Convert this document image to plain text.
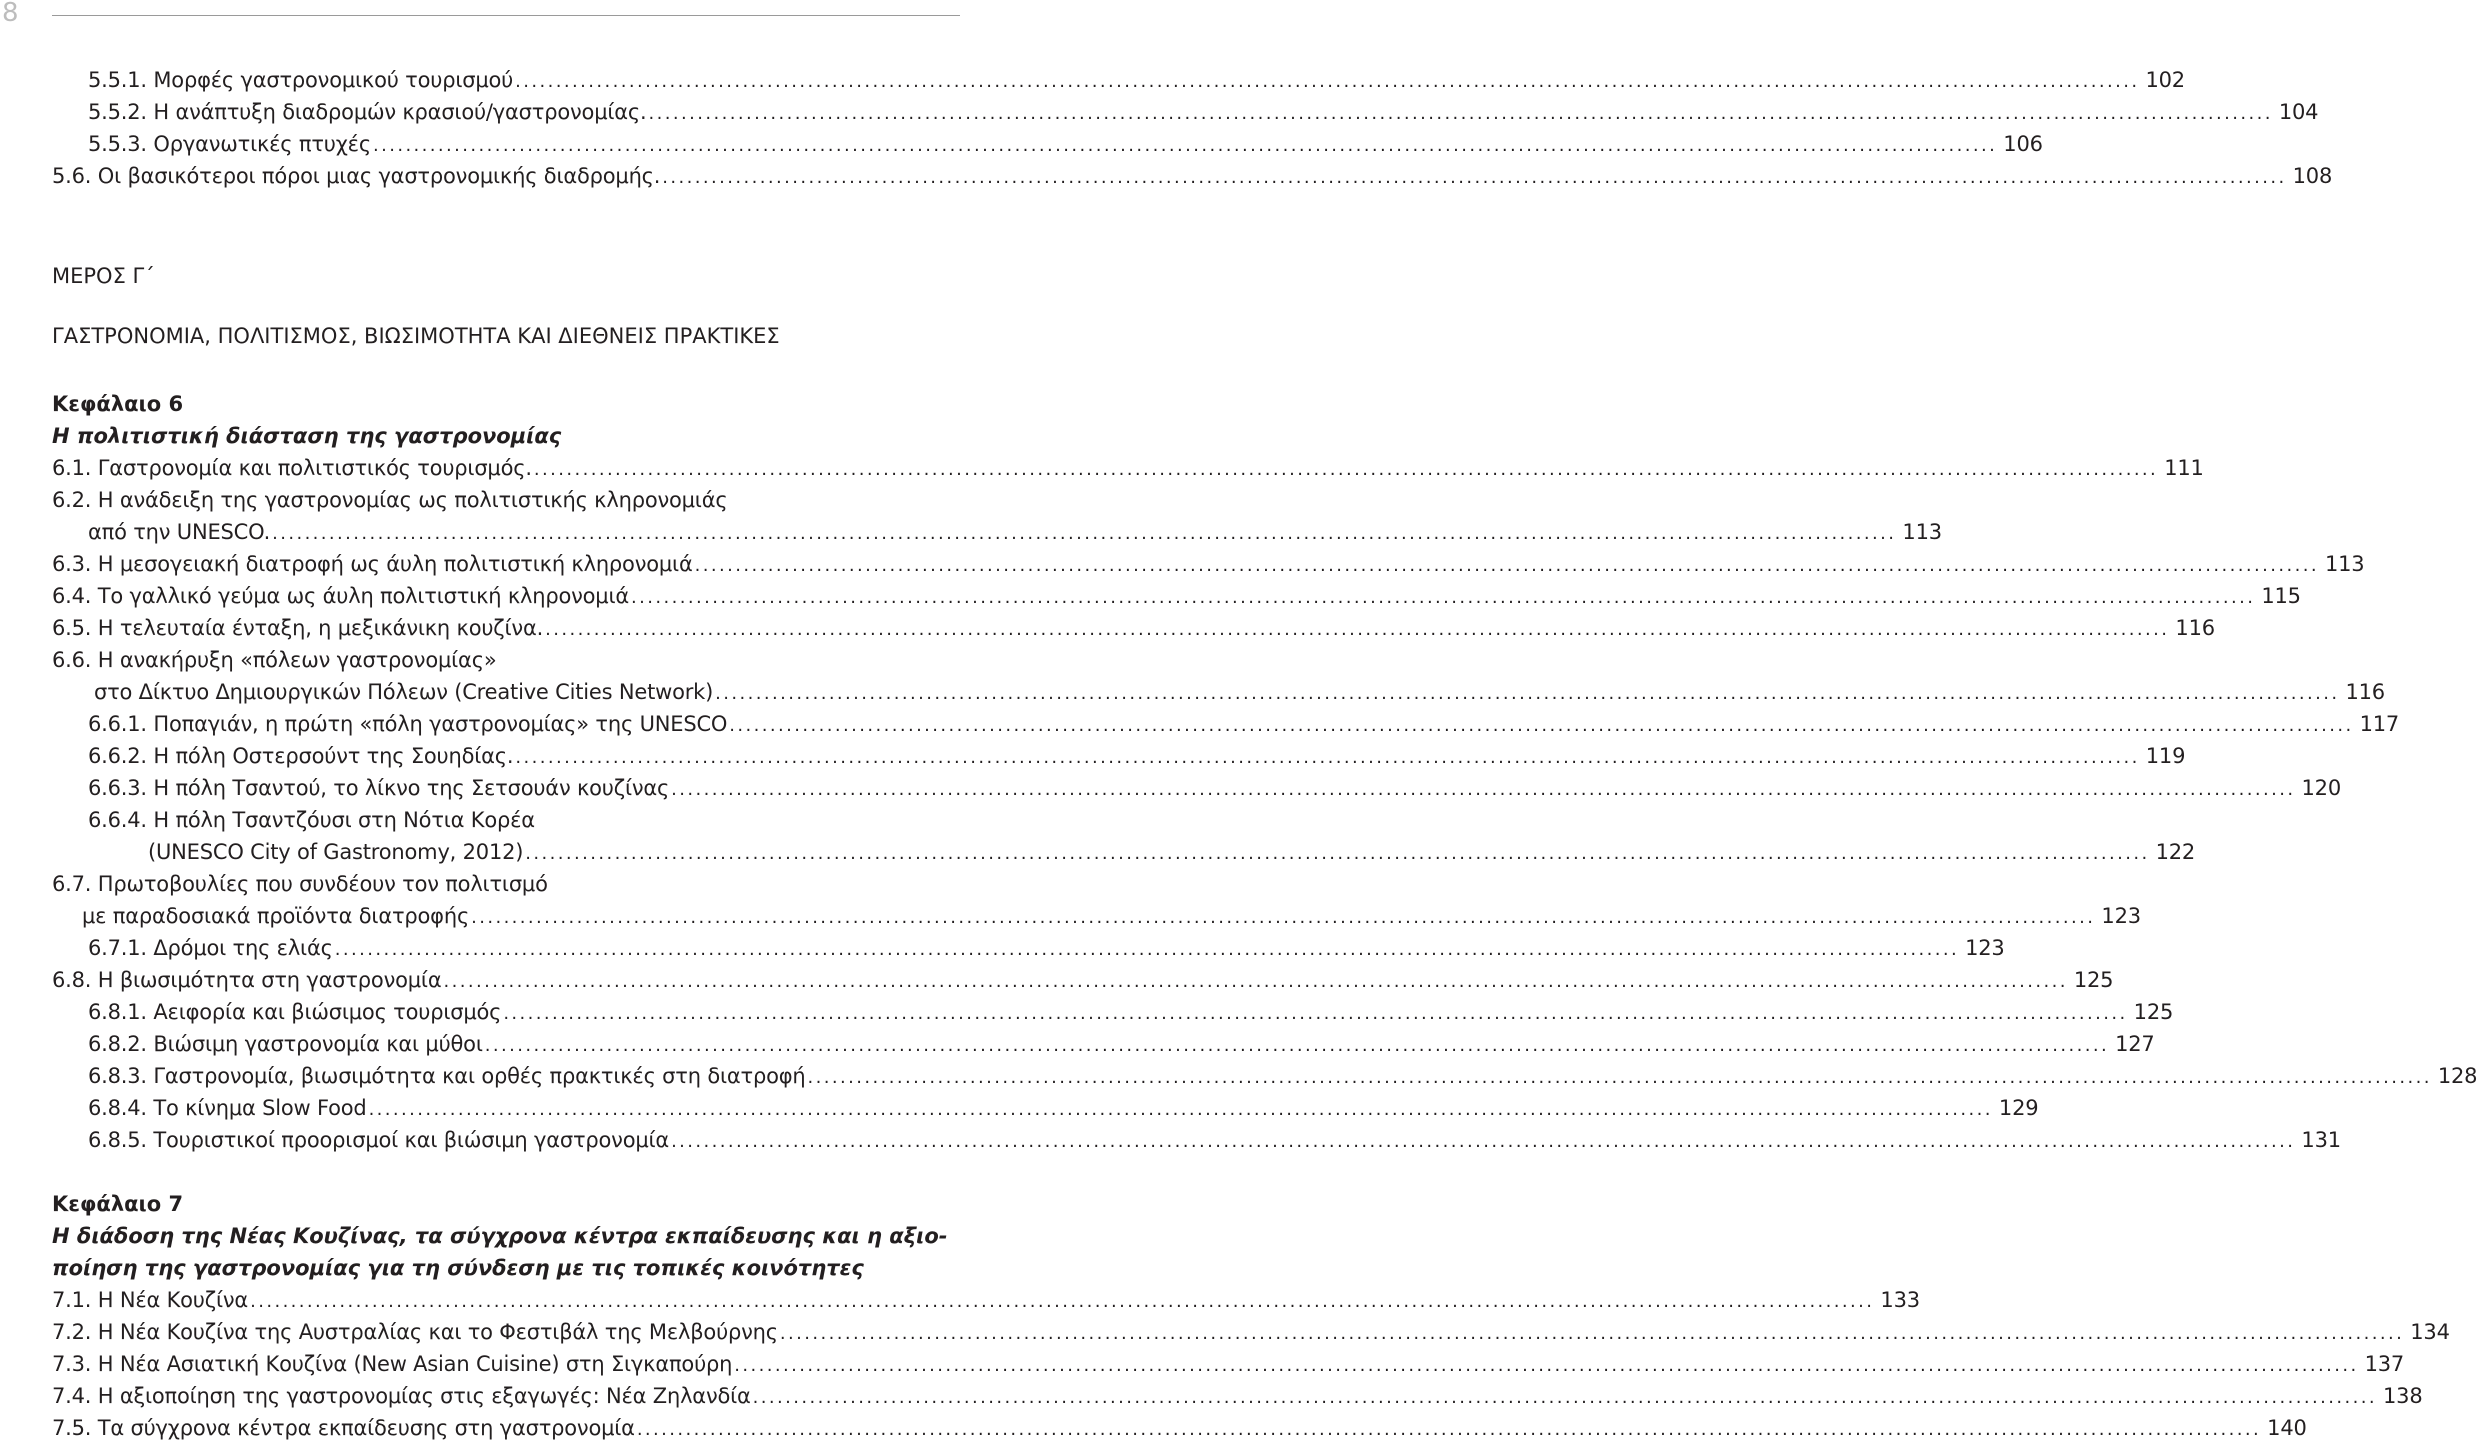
8
5.5.1. Μορφές γαστρονομικού τουρισμού ........................................................................................................................................................................................................ 102
5.5.2. Η ανάπτυξη διαδρομών κρασιού/γαστρονομίας. ........................................................................................................................................................................................................ 104
5.5.3. Οργανωτικές πτυχές ........................................................................................................................................................................................................ 106
5.6. Οι βασικότεροι πόροι μιας γαστρονομικής διαδρομής. ........................................................................................................................................................................................................ 108
ΜΕΡΟΣ Γ΄
ΓΑΣΤΡΟΝΟΜΙΑ, ΠΟΛΙΤΙΣΜΟΣ, ΒΙΩΣΙΜΟΤΗΤΑ ΚΑΙ ΔΙΕΘΝΕΙΣ ΠΡΑΚΤΙΚΕΣ
Κεφάλαιο 6
Η πολιτιστική διάσταση της γαστρονομίας
6.1. Γαστρονομία και πολιτιστικός τουρισμός. ........................................................................................................................................................................................................ 111
6.2. Η ανάδειξη της γαστρονομίας ως πολιτιστικής κληρονομιάς
από την UNESCO. ........................................................................................................................................................................................................ 113
6.3. Η μεσογειακή διατροφή ως άυλη πολιτιστική κληρονομιά ........................................................................................................................................................................................................ 113
6.4. Το γαλλικό γεύμα ως άυλη πολιτιστική κληρονομιά ........................................................................................................................................................................................................ 115
6.5. Η τελευταία ένταξη, η μεξικάνικη κουζίνα. ........................................................................................................................................................................................................ 116
6.6. Η ανακήρυξη «πόλεων γαστρονομίας»
στο Δίκτυο Δημιουργικών Πόλεων (Creative Cities Network) ........................................................................................................................................................................................................ 116
6.6.1. Ποπαγιάν, η πρώτη «πόλη γαστρονομίας» της UNESCO ........................................................................................................................................................................................................ 117
6.6.2. Η πόλη Οστερσούντ της Σουηδίας. ........................................................................................................................................................................................................ 119
6.6.3. Η πόλη Τσαντού, το λίκνο της Σετσουάν κουζίνας ........................................................................................................................................................................................................ 120
6.6.4. Η πόλη Τσαντζόυσι στη Νότια Κορέα
(UNESCO City of Gastronomy, 2012) ........................................................................................................................................................................................................ 122
6.7. Πρωτοβουλίες που συνδέουν τον πολιτισμό
με παραδοσιακά προϊόντα διατροφής ........................................................................................................................................................................................................ 123
6.7.1. Δρόμοι της ελιάς ........................................................................................................................................................................................................ 123
6.8. Η βιωσιμότητα στη γαστρονομία ........................................................................................................................................................................................................ 125
6.8.1. Αειφορία και βιώσιμος τουρισμός ........................................................................................................................................................................................................ 125
6.8.2. Βιώσιμη γαστρονομία και μύθοι ........................................................................................................................................................................................................ 127
6.8.3. Γαστρονομία, βιωσιμότητα και ορθές πρακτικές στη διατροφή ........................................................................................................................................................................................................ 128
6.8.4. Το κίνημα Slow Food ........................................................................................................................................................................................................ 129
6.8.5. Τουριστικοί προορισμοί και βιώσιμη γαστρονομία ........................................................................................................................................................................................................ 131
Κεφάλαιο 7
Η διάδοση της Νέας Κουζίνας, τα σύγχρονα κέντρα εκπαίδευσης και η αξιο-
ποίηση της γαστρονομίας για τη σύνδεση με τις τοπικές κοινότητες
7.1. Η Νέα Κουζίνα ........................................................................................................................................................................................................ 133
7.2. Η Νέα Κουζίνα της Αυστραλίας και το Φεστιβάλ της Μελβούρνης ........................................................................................................................................................................................................ 134
7.3. Η Νέα Ασιατική Κουζίνα (New Asian Cuisine) στη Σιγκαπούρη ........................................................................................................................................................................................................ 137
7.4. Η αξιοποίηση της γαστρονομίας στις εξαγωγές: Νέα Ζηλανδία ........................................................................................................................................................................................................ 138
7.5. Τα σύγχρονα κέντρα εκπαίδευσης στη γαστρονομία ........................................................................................................................................................................................................ 140
